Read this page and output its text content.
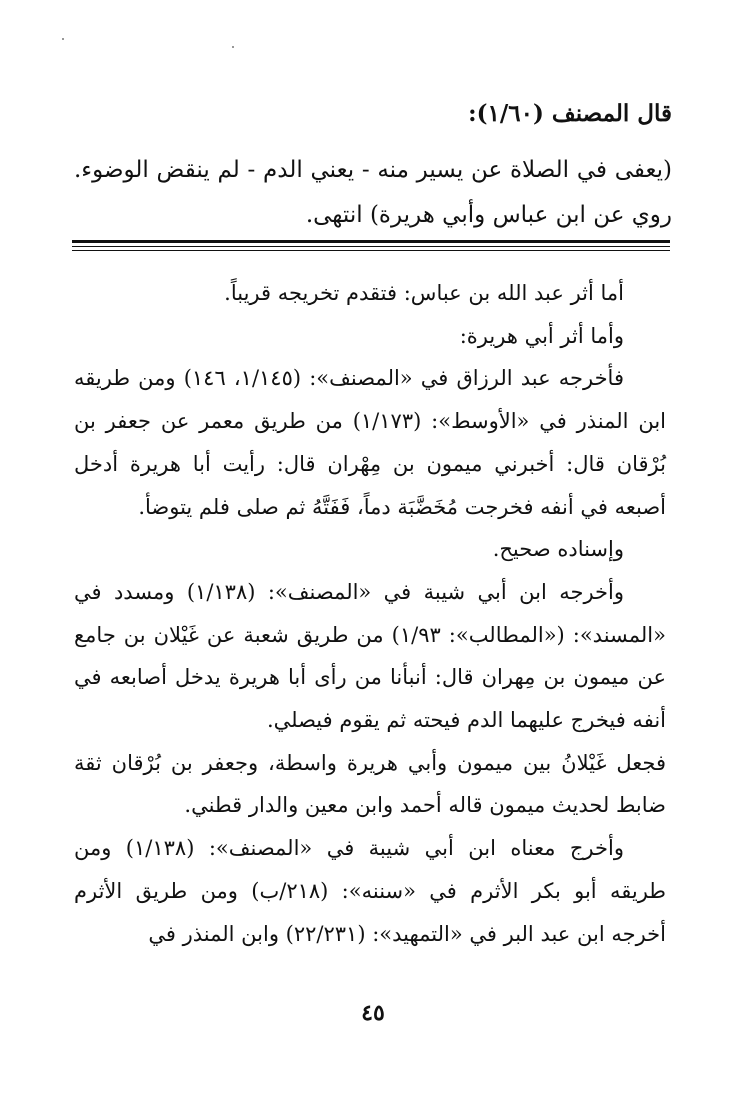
قال المصنف (١/٦٠):

(يعفى في الصلاة عن يسير منه - يعني الدم - لم ينقض الوضوء. روي عن ابن عباس وأبي هريرة) انتهى.

أما أثر عبد الله بن عباس: فتقدم تخريجه قريباً.

وأما أثر أبي هريرة:

فأخرجه عبد الرزاق في «المصنف»: (١/١٤٥، ١٤٦) ومن طريقه ابن المنذر في «الأوسط»: (١/١٧٣) من طريق معمر عن جعفر بن بُرْقان قال: أخبرني ميمون بن مِهْران قال: رأيت أبا هريرة أدخل أصبعه في أنفه فخرجت مُخَضَّبَة دماً، فَفَتَّهُ ثم صلى فلم يتوضأ.

وإسناده صحيح.

وأخرجه ابن أبي شيبة في «المصنف»: (١/١٣٨) ومسدد في «المسند»: («المطالب»: ١/٩٣) من طريق شعبة عن غَيْلان بن جامع عن ميمون بن مِهران قال: أنبأنا من رأى أبا هريرة يدخل أصابعه في أنفه فيخرج عليهما الدم فيحته ثم يقوم فيصلي.

فجعل غَيْلانُ بين ميمون وأبي هريرة واسطة، وجعفر بن بُرْقان ثقة ضابط لحديث ميمون قاله أحمد وابن معين والدار قطني.

وأخرج معناه ابن أبي شيبة في «المصنف»: (١/١٣٨) ومن طريقه أبو بكر الأثرم في «سننه»: (٢١٨/ب) ومن طريق الأثرم أخرجه ابن عبد البر في «التمهيد»: (٢٢/٢٣١) وابن المنذر في

٤٥
